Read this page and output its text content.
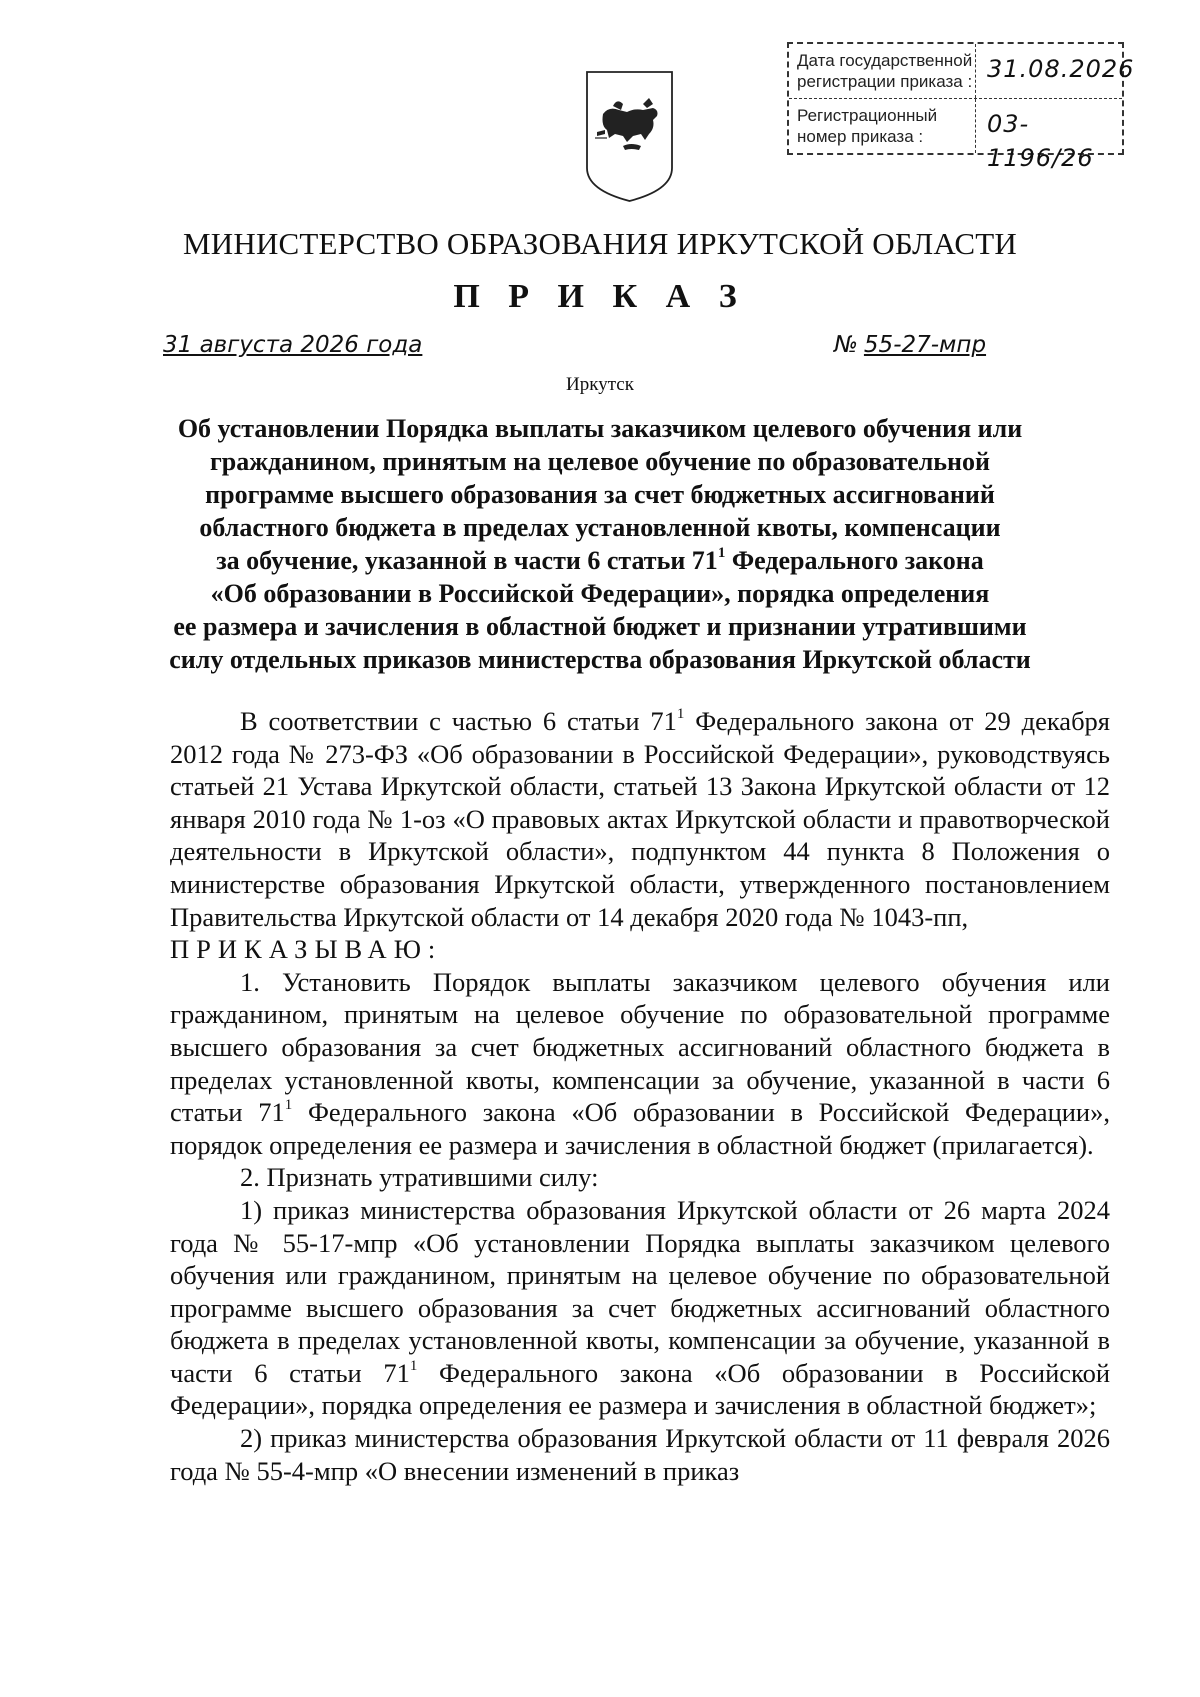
Дата государственной регистрации приказа : 31.08.2026
Регистрационный номер приказа :	03-1196/26
МИНИСТЕРСТВО ОБРАЗОВАНИЯ ИРКУТСКОЙ ОБЛАСТИ
П Р И К А З
31 августа 2026 года	№ 55-27-мпр
Иркутск

Об установлении Порядка выплаты заказчиком целевого обучения или

гражданином, принятым на целевое обучение по образовательной

программе высшего образования за счет бюджетных ассигнований

областного бюджета в пределах установленной квоты, компенсации

за обучение, указанной в части 6 статьи $71^1$ Федерального закона

«Об образовании в Российской Федерации», порядка определения

ее размера и зачисления в областной бюджет и признании утратившими

силу отдельных приказов министерства образования Иркутской области

В соответствии с частью 6 статьи $71^1$ Федерального закона от 29 декабря 2012 года № 273-ФЗ «Об образовании в Российской Федерации», руководствуясь статьей 21 Устава Иркутской области, статьей 13 Закона Иркутской области от 12 января 2010 года № 1-оз «О правовых актах Иркутской области и правотворческой деятельности в Иркутской области», подпунктом 44 пункта 8 Положения о министерстве образования Иркутской области, утвержденного постановлением Правительства Иркутской области от 14 декабря 2020 года № 1043-пп,

ПРИКАЗЫВАЮ:

1. Установить Порядок выплаты заказчиком целевого обучения или гражданином, принятым на целевое обучение по образовательной программе высшего образования за счет бюджетных ассигнований областного бюджета в пределах установленной квоты, компенсации за обучение, указанной в части 6 статьи $71^1$ Федерального закона «Об образовании в Российской Федерации», порядок определения ее размера и зачисления в областной бюджет (прилагается).

2. Признать утратившими силу:

1) приказ министерства образования Иркутской области от 26 марта 2024 года № 55-17-мпр «Об установлении Порядка выплаты заказчиком целевого обучения или гражданином, принятым на целевое обучение по образовательной программе высшего образования за счет бюджетных ассигнований областного бюджета в пределах установленной квоты, компенсации за обучение, указанной в части 6 статьи $71^1$ Федерального закона «Об образовании в Российской Федерации», порядка определения ее размера и зачисления в областной бюджет»;

2) приказ министерства образования Иркутской области от 11 февраля 2026 года № 55-4-мпр «О внесении изменений в приказ
